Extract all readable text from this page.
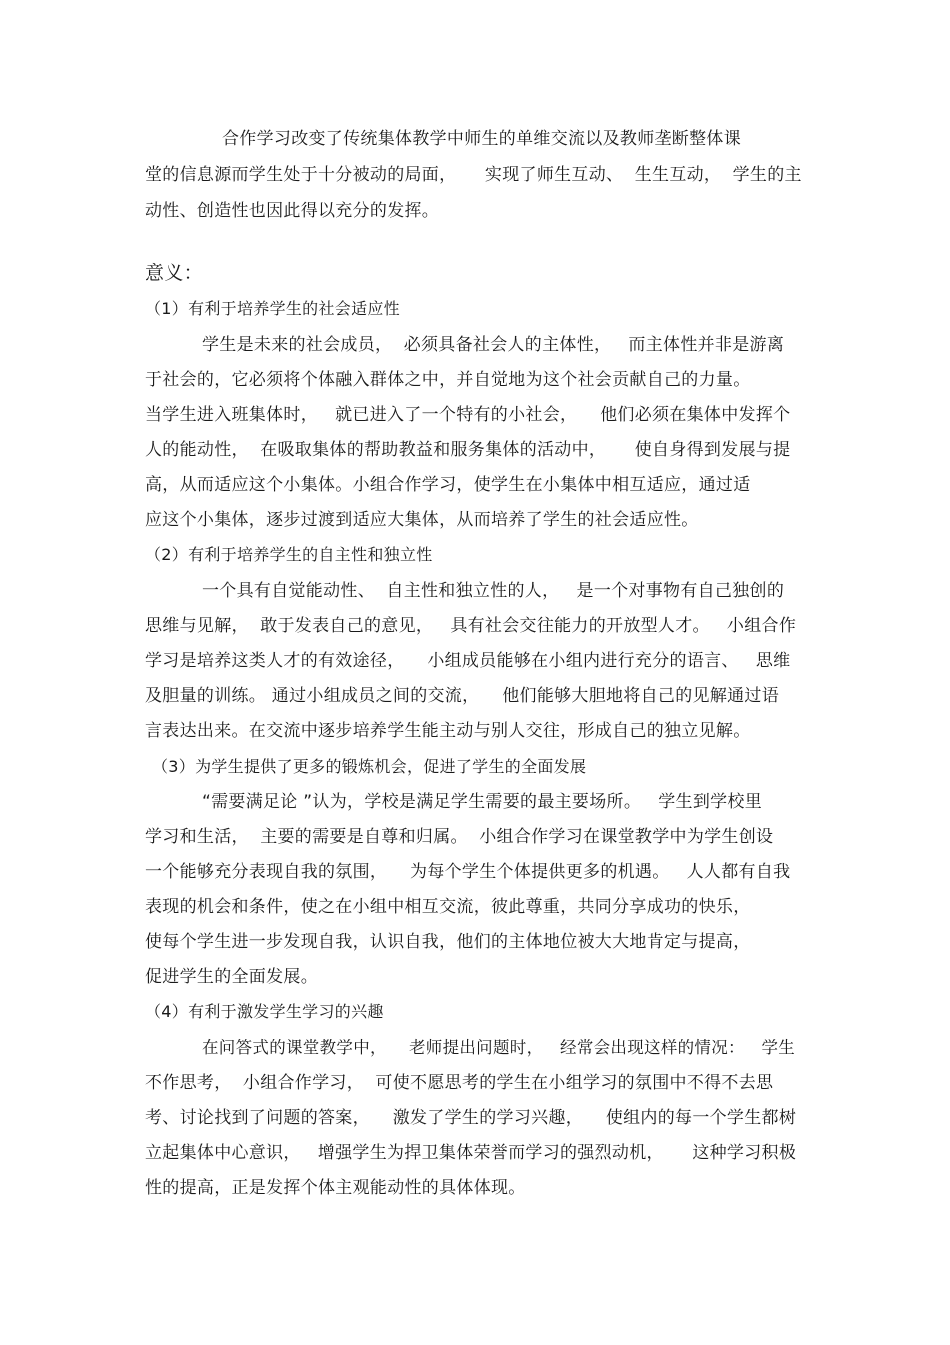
合作学习改变了传统集体教学中师生的单维交流以及教师垄断整体课
堂的信息源而学生处于十分被动的局面，     实现了师生互动、  生生互动，  学生的主
动性、创造性也因此得以充分的发挥。
意义：
（1）有利于培养学生的社会适应性
学生是未来的社会成员，  必须具备社会人的主体性，   而主体性并非是游离
于社会的，它必须将个体融入群体之中，并自觉地为这个社会贡献自己的力量。
当学生进入班集体时，   就已进入了一个特有的小社会，    他们必须在集体中发挥个
人的能动性，  在吸取集体的帮助教益和服务集体的活动中，     使自身得到发展与提
高，从而适应这个小集体。小组合作学习，使学生在小集体中相互适应，通过适
应这个小集体，逐步过渡到适应大集体，从而培养了学生的社会适应性。
（2）有利于培养学生的自主性和独立性
一个具有自觉能动性、  自主性和独立性的人，   是一个对事物有自己独创的
思维与见解，  敢于发表自己的意见，   具有社会交往能力的开放型人才。   小组合作
学习是培养这类人才的有效途径，    小组成员能够在小组内进行充分的语言、   思维
及胆量的训练。 通过小组成员之间的交流，    他们能够大胆地将自己的见解通过语
言表达出来。在交流中逐步培养学生能主动与别人交往，形成自己的独立见解。
（3）为学生提供了更多的锻炼机会，促进了学生的全面发展
“需要满足论 ”认为，学校是满足学生需要的最主要场所。   学生到学校里
学习和生活，  主要的需要是自尊和归属。  小组合作学习在课堂教学中为学生创设
一个能够充分表现自我的氛围，    为每个学生个体提供更多的机遇。   人人都有自我
表现的机会和条件，使之在小组中相互交流，彼此尊重，共同分享成功的快乐，
使每个学生进一步发现自我，认识自我，他们的主体地位被大大地肯定与提高，
促进学生的全面发展。
（4）有利于激发学生学习的兴趣
在问答式的课堂教学中，    老师提出问题时，   经常会出现这样的情况：   学生
不作思考，  小组合作学习，  可使不愿思考的学生在小组学习的氛围中不得不去思
考、讨论找到了问题的答案，    激发了学生的学习兴趣，    使组内的每一个学生都树
立起集体中心意识，   增强学生为捍卫集体荣誉而学习的强烈动机，     这种学习积极
性的提高，正是发挥个体主观能动性的具体体现。
